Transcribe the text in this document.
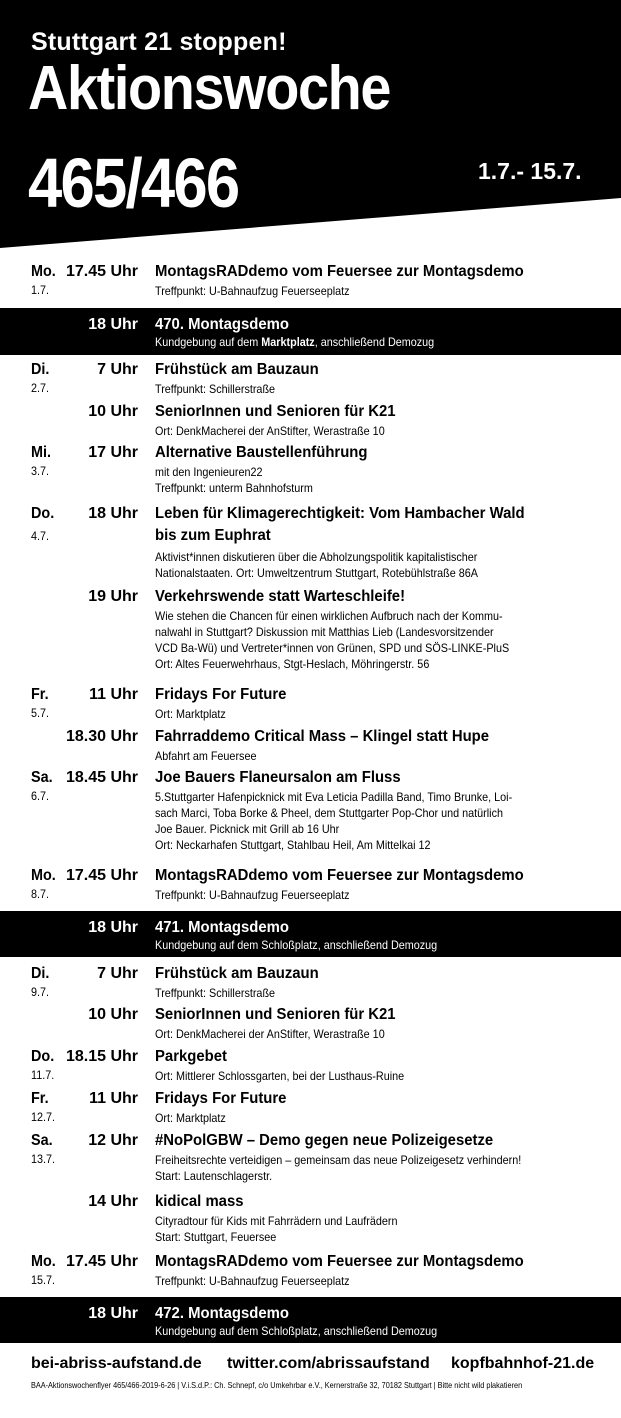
Stuttgart 21 stoppen!
Aktionswoche
465/466	1.7.- 15.7.
Mo.
1.7.
17.45 Uhr MontagsRADdemo vom Feuersee zur Montagsdemo
Treffpunkt: U-Bahnaufzug Feuerseeplatz
18 Uhr 470. Montagsdemo
Kundgebung auf dem Marktplatz, anschließend Demozug
Di.
2.7.
7 Uhr Frühstück am Bauzaun
Treffpunkt: Schillerstraße
10 Uhr SeniorInnen und Senioren für K21
Ort: DenkMacherei der AnStifter, Werastraße 10
Mi.
3.7.
17 Uhr Alternative Baustellenführung
mit den Ingenieuren22
Treffpunkt: unterm Bahnhofsturm
Do.
4.7.
18 Uhr Leben für Klimagerechtigkeit: Vom Hambacher Wald
bis zum Euphrat
Aktivist*innen diskutieren über die Abholzungspolitik kapitalistischer
Nationalstaaten. Ort: Umweltzentrum Stuttgart, Rotebühlstraße 86A
19 Uhr Verkehrswende statt Warteschleife!
Wie stehen die Chancen für einen wirklichen Aufbruch nach der Kommu-
nalwahl in Stuttgart? Diskussion mit Matthias Lieb (Landesvorsitzender
VCD Ba-Wü) und Vertreter*innen von Grünen, SPD und SÖS-LINKE-PluS
Ort: Altes Feuerwehrhaus, Stgt-Heslach, Möhringerstr. 56
Fr.
5.7.
11 Uhr Fridays For Future
Ort: Marktplatz
18.30 Uhr Fahrraddemo Critical Mass – Klingel statt Hupe
Abfahrt am Feuersee
Sa.
6.7.
18.45 Uhr Joe Bauers Flaneursalon am Fluss
5.Stuttgarter Hafenpicknick mit Eva Leticia Padilla Band, Timo Brunke, Loi-
sach Marci, Toba Borke & Pheel, dem Stuttgarter Pop-Chor und natürlich
Joe Bauer. Picknick mit Grill ab 16 Uhr
Ort: Neckarhafen Stuttgart, Stahlbau Heil, Am Mittelkai 12
Mo.
8.7.
17.45 Uhr MontagsRADdemo vom Feuersee zur Montagsdemo
Treffpunkt: U-Bahnaufzug Feuerseeplatz
18 Uhr 471. Montagsdemo
Kundgebung auf dem Schloßplatz, anschließend Demozug
Di.
9.7.
7 Uhr Frühstück am Bauzaun
Treffpunkt: Schillerstraße
10 Uhr SeniorInnen und Senioren für K21
Ort: DenkMacherei der AnStifter, Werastraße 10
Do.
11.7.
18.15 Uhr Parkgebet
Ort: Mittlerer Schlossgarten, bei der Lusthaus-Ruine
Fr.
12.7.
11 Uhr Fridays For Future
Ort: Marktplatz
Sa.
13.7.
12 Uhr #NoPolGBW – Demo gegen neue Polizeigesetze
Freiheitsrechte verteidigen – gemeinsam das neue Polizeigesetz verhindern!
Start: Lautenschlagerstr.
14 Uhr kidical mass
Cityradtour für Kids mit Fahrrädern und Laufrädern
Start: Stuttgart, Feuersee
Mo.
15.7.
17.45 Uhr MontagsRADdemo vom Feuersee zur Montagsdemo
Treffpunkt: U-Bahnaufzug Feuerseeplatz
18 Uhr 472. Montagsdemo
Kundgebung auf dem Schloßplatz, anschließend Demozug
bei-abriss-aufstand.de twitter.com/abrissaufstand kopfbahnhof-21.de
BAA-Aktionswochenflyer 465/466-2019-6-26 | V.i.S.d.P.: Ch. Schnepf, c/o Umkehrbar e.V., Kernerstraße 32, 70182 Stuttgart | Bitte nicht wild plakatieren
